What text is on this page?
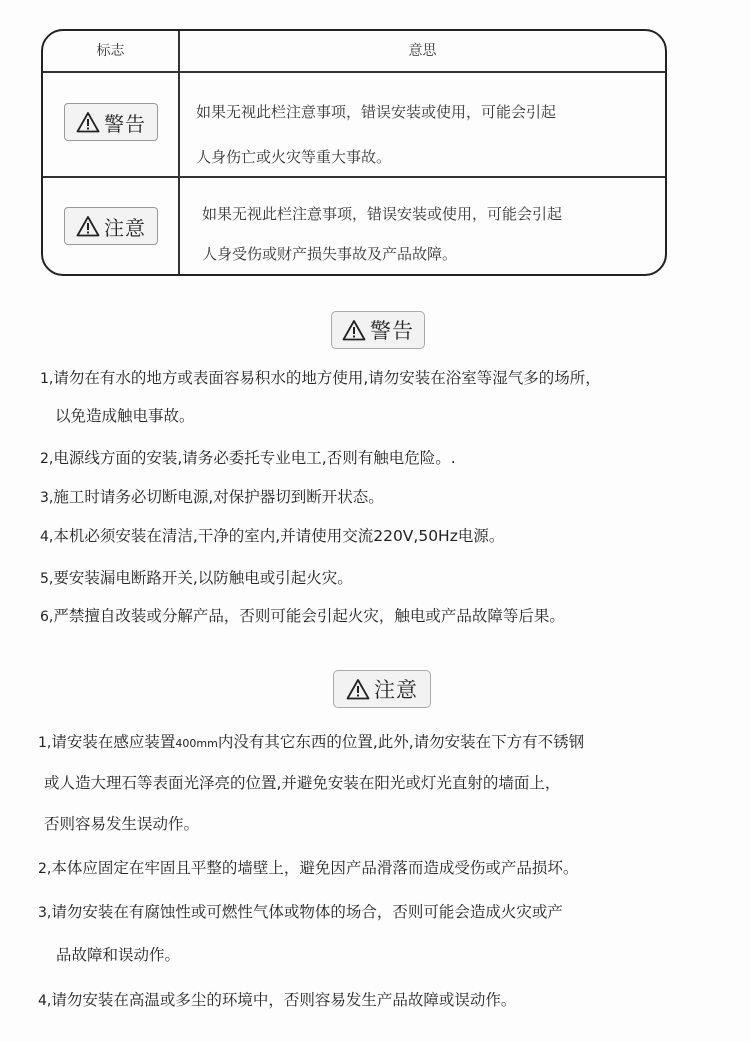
标志	意思
警告	如果无视此栏注意事项，错误安装或使用，可能会引起
人身伤亡或火灾等重大事故。
注意
如果无视此栏注意事项，错误安装或使用，可能会引起
人身受伤或财产损失事故及产品故障。
警告
1,请勿在有水的地方或表面容易积水的地方使用,请勿安装在浴室等湿气多的场所，
以免造成触电事故。
2,电源线方面的安装,请务必委托专业电工,否则有触电危险。.
3,施工时请务必切断电源,对保护器切到断开状态。
4,本机必须安装在清洁,干净的室内,并请使用交流220V,50Hz电源。
5,要安装漏电断路开关,以防触电或引起火灾。
6,严禁擅自改装或分解产品，否则可能会引起火灾，触电或产品故障等后果。
注意
1,请安装在感应装置400mm内没有其它东西的位置,此外,请勿安装在下方有不锈钢
或人造大理石等表面光泽亮的位置,并避免安装在阳光或灯光直射的墙面上，
否则容易发生误动作。
2,本体应固定在牢固且平整的墙壁上，避免因产品滑落而造成受伤或产品损坏。
3,请勿安装在有腐蚀性或可燃性气体或物体的场合，否则可能会造成火灾或产
品故障和误动作。
4,请勿安装在高温或多尘的环境中，否则容易发生产品故障或误动作。
